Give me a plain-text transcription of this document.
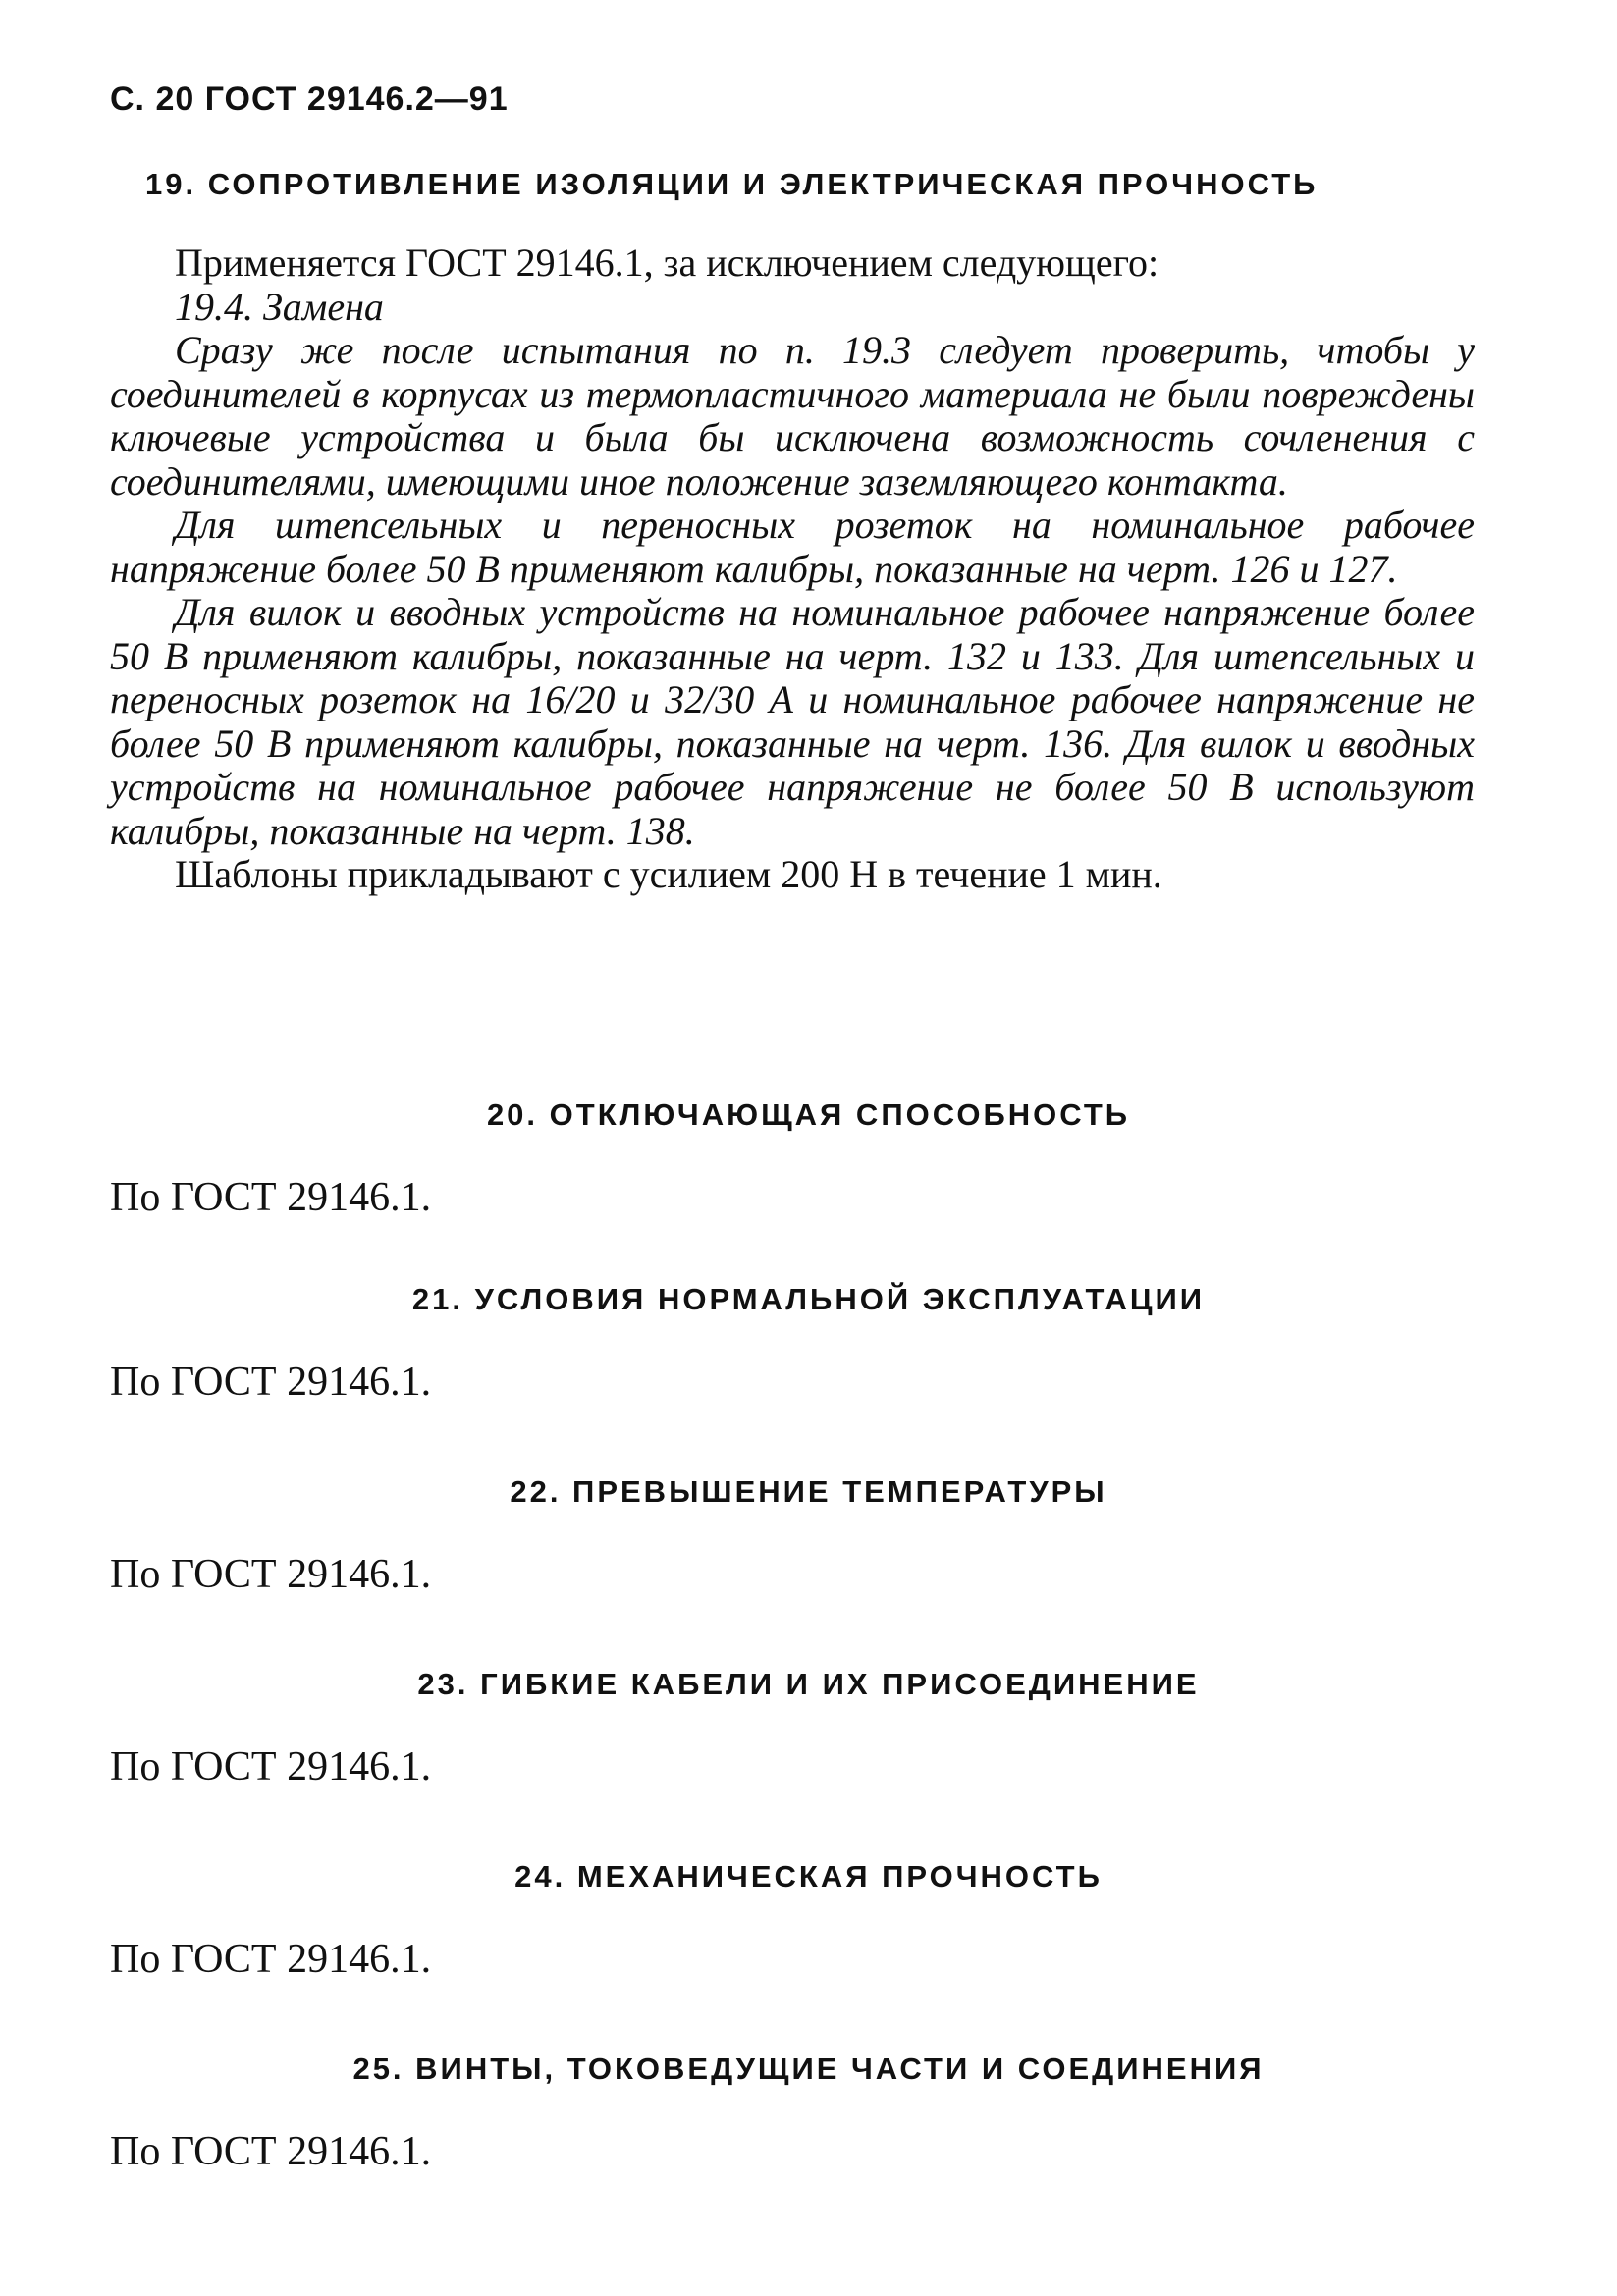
С. 20 ГОСТ 29146.2—91
19. СОПРОТИВЛЕНИЕ ИЗОЛЯЦИИ И ЭЛЕКТРИЧЕСКАЯ ПРОЧНОСТЬ

Применяется ГОСТ 29146.1, за исключением следующего:

19.4. Замена

Сразу же после испытания по п. 19.3 следует проверить, чтобы у соединителей в корпусах из термопластичного материала не были повреждены ключевые устройства и была бы исключена возможность сочленения с соединителями, имеющими иное положение заземляющего контакта.

Для штепсельных и переносных розеток на номинальное рабочее напряжение более 50 В применяют калибры, показанные на черт. 126 и 127.

Для вилок и вводных устройств на номинальное рабочее напряжение более 50 В применяют калибры, показанные на черт. 132 и 133. Для штепсельных и переносных розеток на 16/20 и 32/30 А и номинальное рабочее напряжение не более 50 В применяют калибры, показанные на черт. 136. Для вилок и вводных устройств на номинальное рабочее напряжение не более 50 В используют калибры, показанные на черт. 138.

Шаблоны прикладывают с усилием 200 Н в течение 1 мин.

20. ОТКЛЮЧАЮЩАЯ СПОСОБНОСТЬ
По ГОСТ 29146.1.
21. УСЛОВИЯ НОРМАЛЬНОЙ ЭКСПЛУАТАЦИИ
По ГОСТ 29146.1.
22. ПРЕВЫШЕНИЕ ТЕМПЕРАТУРЫ
По ГОСТ 29146.1.
23. ГИБКИЕ КАБЕЛИ И ИХ ПРИСОЕДИНЕНИЕ
По ГОСТ 29146.1.
24. МЕХАНИЧЕСКАЯ ПРОЧНОСТЬ
По ГОСТ 29146.1.
25. ВИНТЫ, ТОКОВЕДУЩИЕ ЧАСТИ И СОЕДИНЕНИЯ
По ГОСТ 29146.1.
